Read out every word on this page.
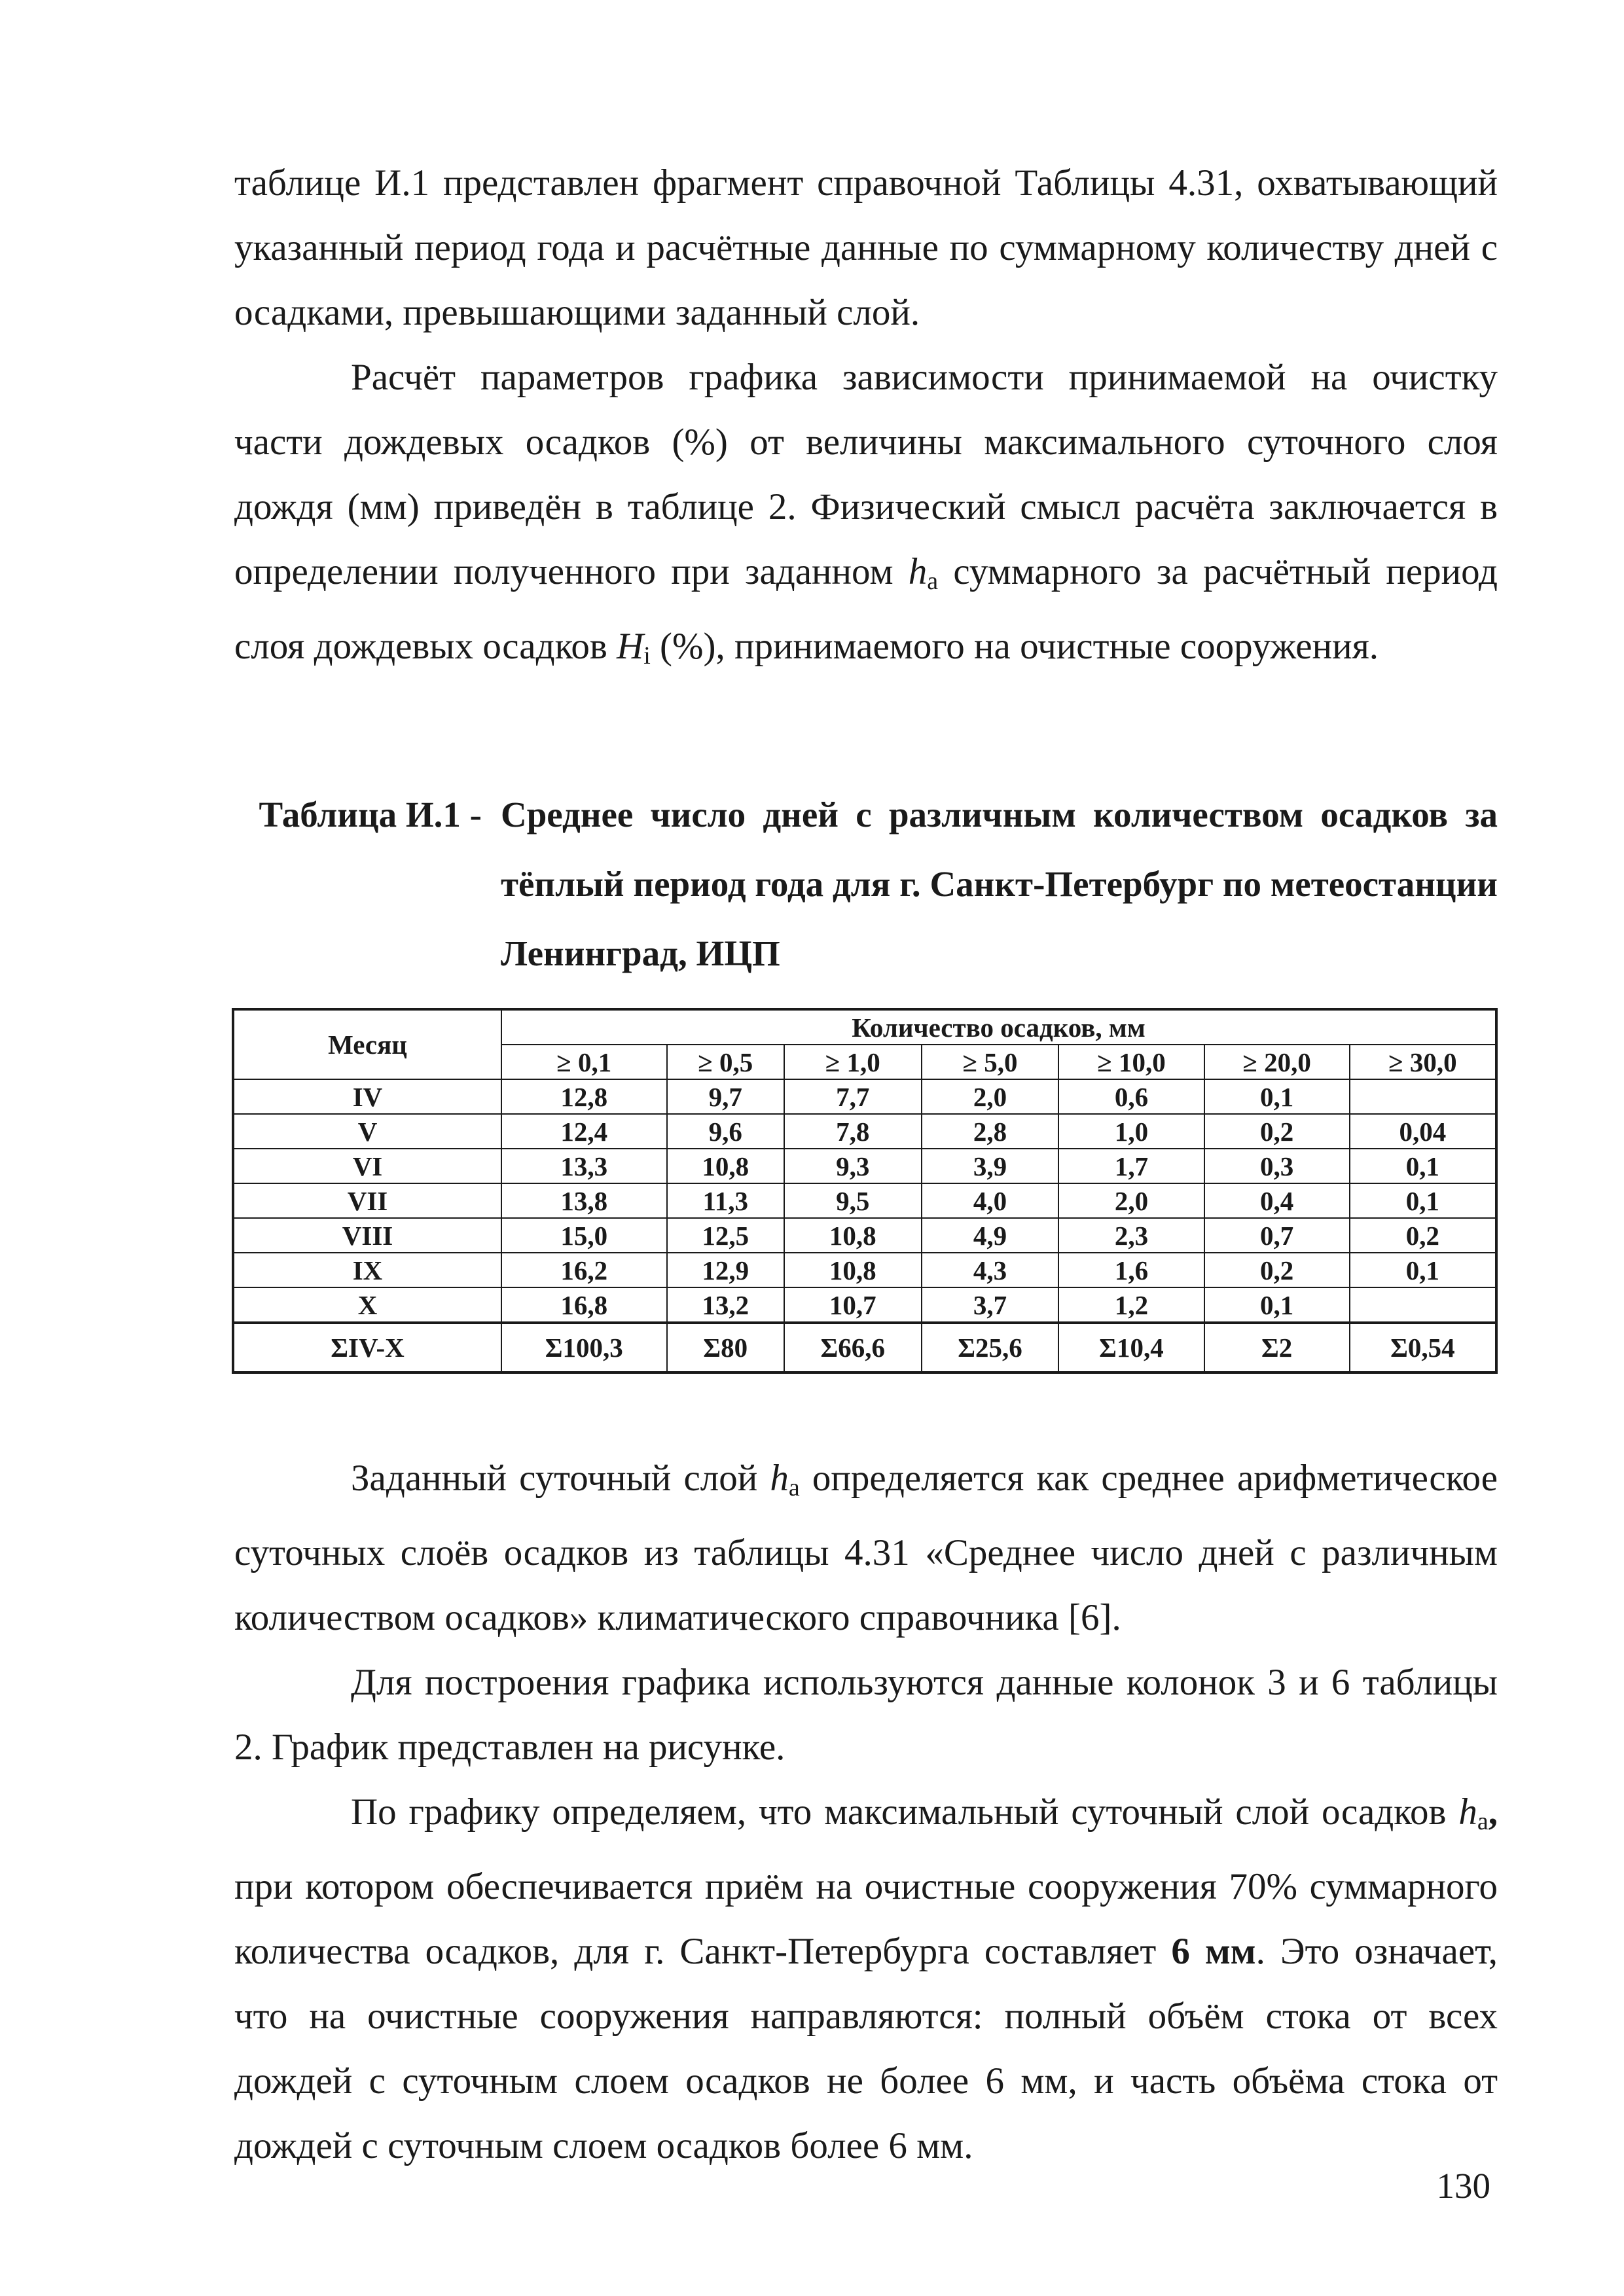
таблице И.1 представлен фрагмент справочной Таблицы 4.31, охватывающий указанный период года и расчётные данные по суммарному количеству дней с осадками, превышающими заданный слой.

Расчёт параметров графика зависимости принимаемой на очистку части дождевых осадков (%) от величины максимального суточного слоя дождя (мм) приведён в таблице 2. Физический смысл расчёта заключается в определении полученного при заданном $h_a$ суммарного за расчётный период слоя дождевых осадков $H_i$ (%), принимаемого на очистные сооружения.

Таблица И.1 - Среднее число дней с различным количеством осадков за тёплый период года для г. Санкт-Петербург по метеостанции Ленинград, ИЦП
Месяц	Количество осадков, мм						
	≥ 0,1	≥ 0,5	≥ 1,0	≥ 5,0	≥ 10,0	≥ 20,0	≥ 30,0
IV	12,8	9,7	7,7	2,0	0,6	0,1	
V	12,4	9,6	7,8	2,8	1,0	0,2	0,04
VI	13,3	10,8	9,3	3,9	1,7	0,3	0,1
VII	13,8	11,3	9,5	4,0	2,0	0,4	0,1
VIII	15,0	12,5	10,8	4,9	2,3	0,7	0,2
IX	16,2	12,9	10,8	4,3	1,6	0,2	0,1
X	16,8	13,2	10,7	3,7	1,2	0,1	
ΣIV-X	Σ100,3	Σ80	Σ66,6	Σ25,6	Σ10,4	Σ2	Σ0,54

Заданный суточный слой $h_a$ определяется как среднее арифметическое суточных слоёв осадков из таблицы 4.31 «Среднее число дней с различным количеством осадков» климатического справочника [6].

Для построения графика используются данные колонок 3 и 6 таблицы 2. График представлен на рисунке.

По графику определяем, что максимальный суточный слой осадков $h_a$, при котором обеспечивается приём на очистные сооружения 70% суммарного количества осадков, для г. Санкт-Петербурга составляет 6 мм. Это означает, что на очистные сооружения направляются: полный объём стока от всех дождей с суточным слоем осадков не более 6 мм, и часть объёма стока от дождей с суточным слоем осадков более 6 мм.

130
